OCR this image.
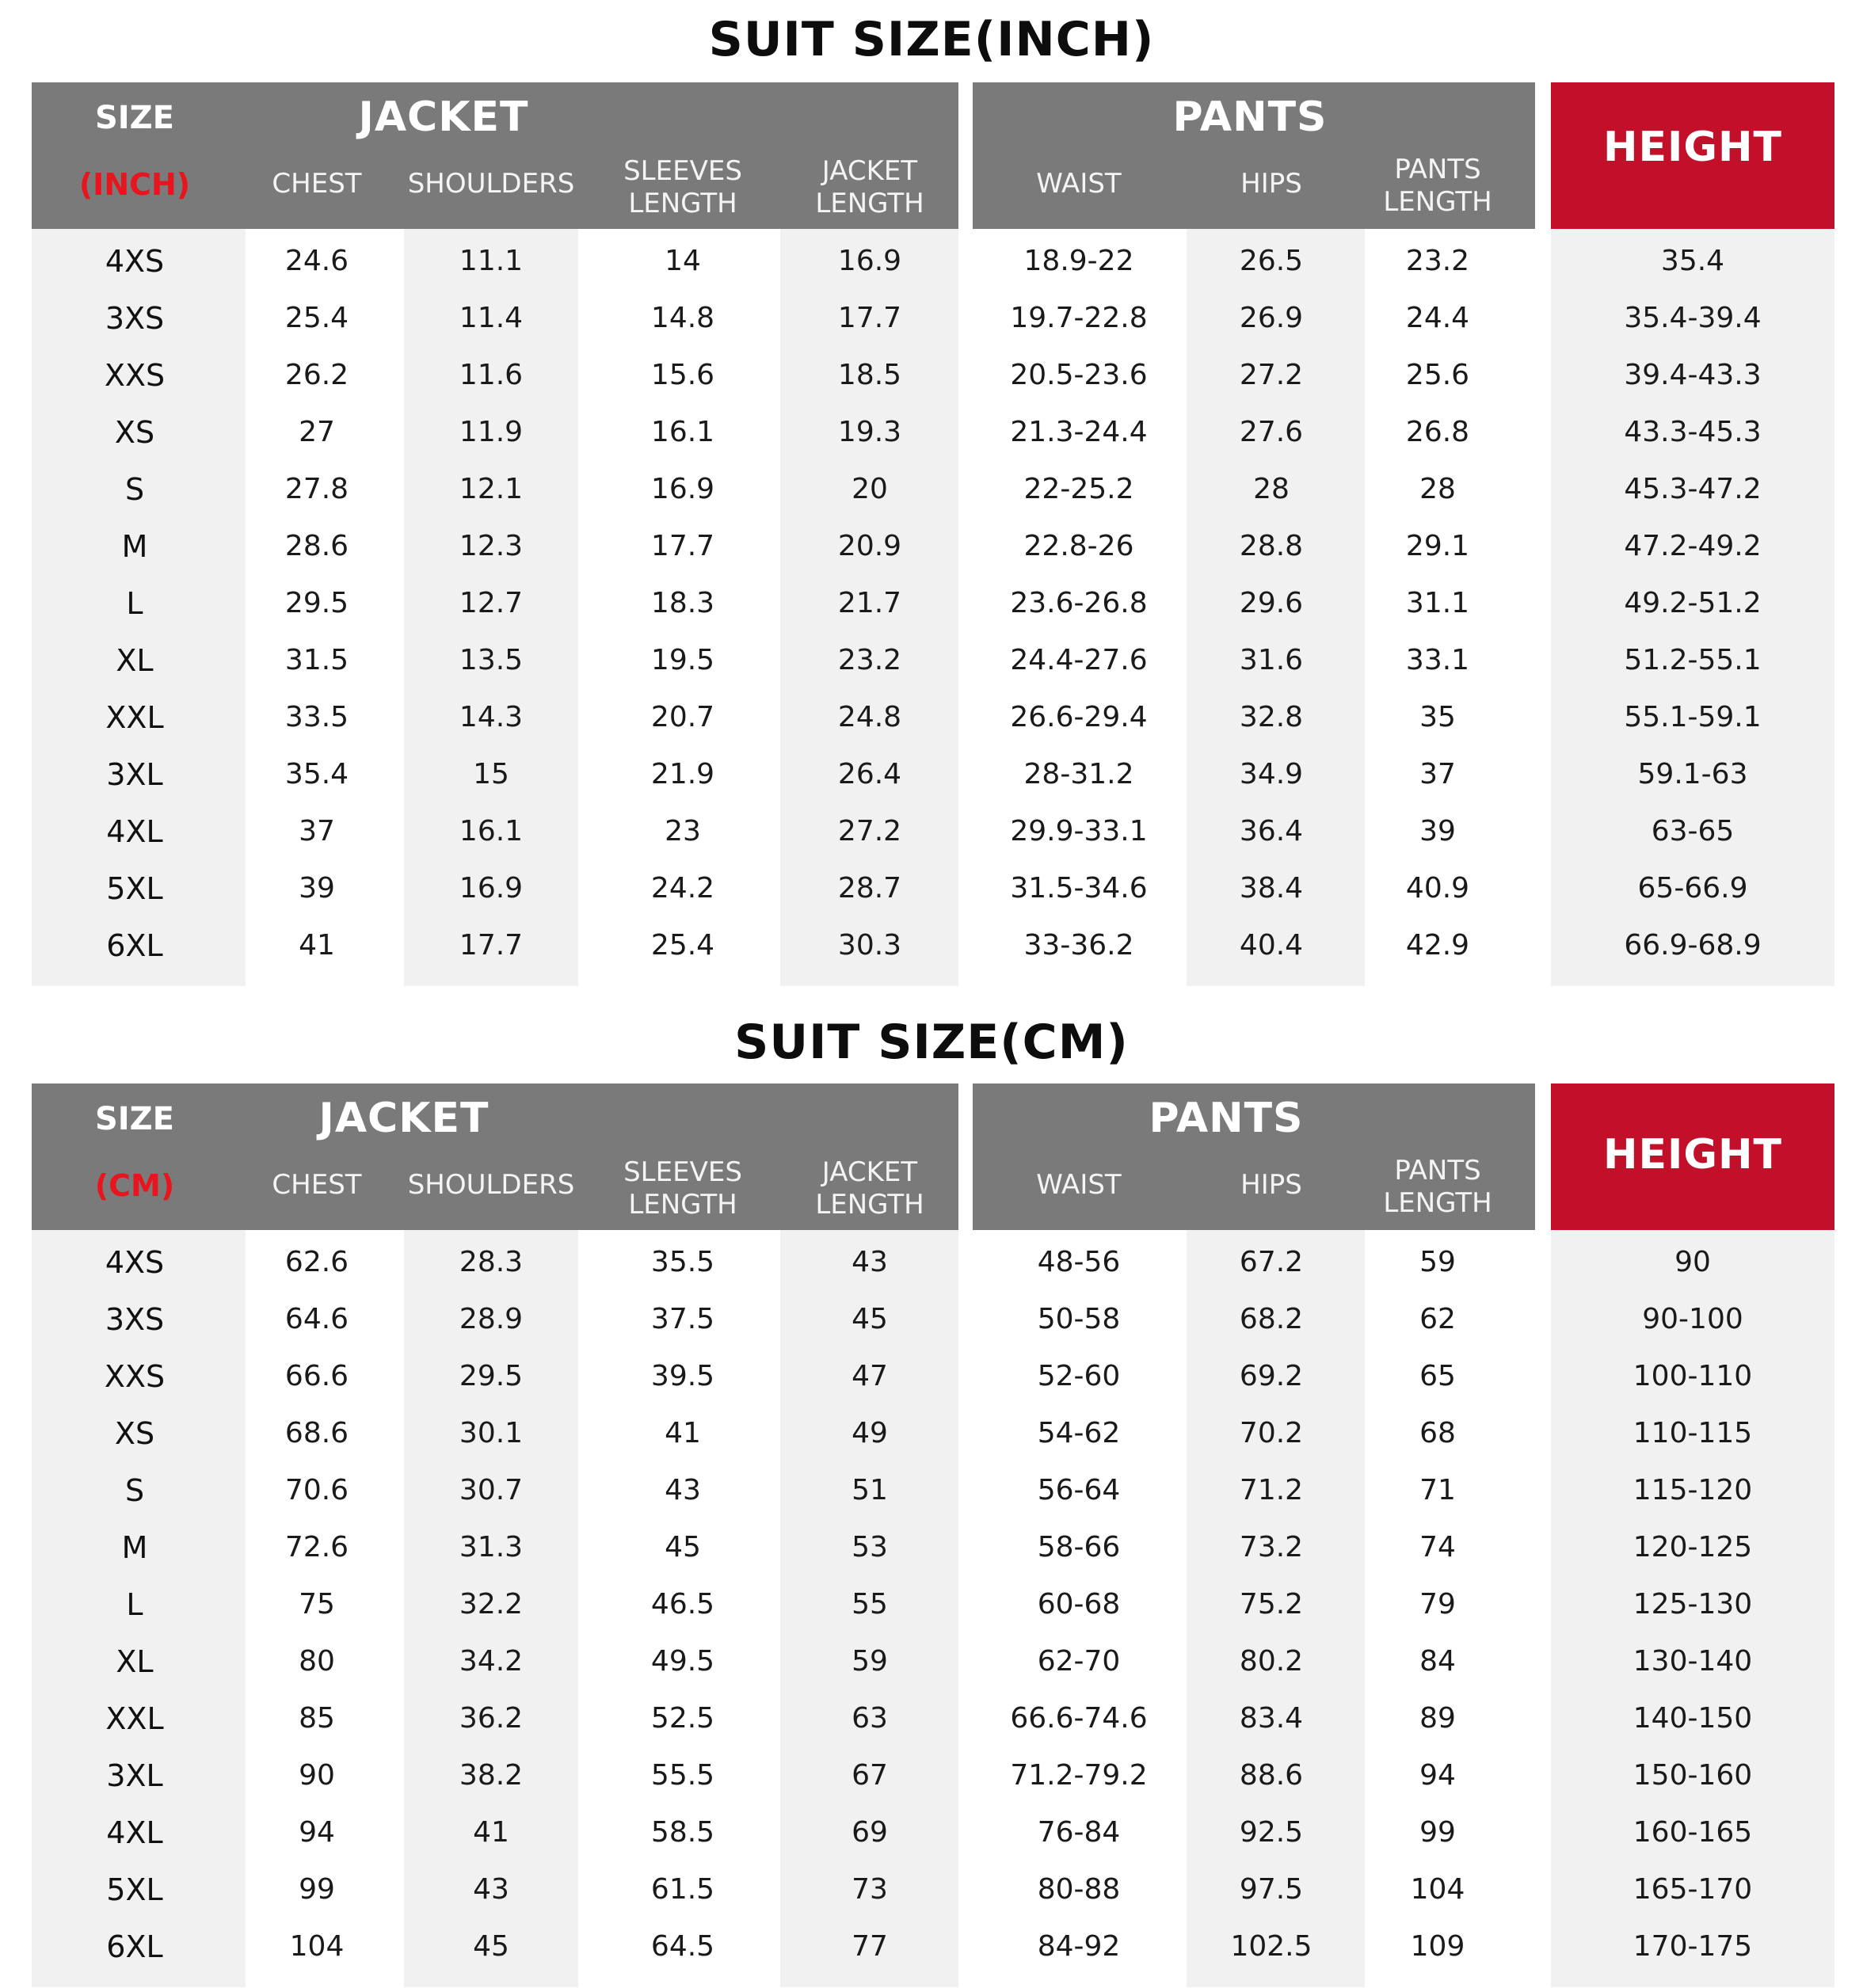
SUIT SIZE(INCH)
SIZE
(INCH)
JACKET
CHEST	SHOULDERS	SLEEVES
LENGTH
JACKET
LENGTH
PANTS
WAIST	HIPS	PANTS
LENGTH
HEIGHT
4XS	24.6	11.1	14	16.9	18.9-22	26.5	23.2	35.4
3XS	25.4	11.4	14.8	17.7	19.7-22.8	26.9	24.4	35.4-39.4
XXS	26.2	11.6	15.6	18.5	20.5-23.6	27.2	25.6	39.4-43.3
XS	27	11.9	16.1	19.3	21.3-24.4	27.6	26.8	43.3-45.3
S	27.8	12.1	16.9	20	22-25.2	28	28	45.3-47.2
M	28.6	12.3	17.7	20.9	22.8-26	28.8	29.1	47.2-49.2
L	29.5	12.7	18.3	21.7	23.6-26.8	29.6	31.1	49.2-51.2
XL	31.5	13.5	19.5	23.2	24.4-27.6	31.6	33.1	51.2-55.1
XXL	33.5	14.3	20.7	24.8	26.6-29.4	32.8	35	55.1-59.1
3XL	35.4	15	21.9	26.4	28-31.2	34.9	37	59.1-63
4XL	37	16.1	23	27.2	29.9-33.1	36.4	39	63-65
5XL	39	16.9	24.2	28.7	31.5-34.6	38.4	40.9	65-66.9
6XL	41	17.7	25.4	30.3	33-36.2	40.4	42.9	66.9-68.9
SUIT SIZE(CM)
SIZE
(CM)
JACKET
CHEST	SHOULDERS	SLEEVES
LENGTH
JACKET
LENGTH
PANTS
WAIST	HIPS	PANTS
LENGTH
HEIGHT
4XS	62.6	28.3	35.5	43	48-56	67.2	59	90
3XS	64.6	28.9	37.5	45	50-58	68.2	62	90-100
XXS	66.6	29.5	39.5	47	52-60	69.2	65	100-110
XS	68.6	30.1	41	49	54-62	70.2	68	110-115
S	70.6	30.7	43	51	56-64	71.2	71	115-120
M	72.6	31.3	45	53	58-66	73.2	74	120-125
L	75	32.2	46.5	55	60-68	75.2	79	125-130
XL	80	34.2	49.5	59	62-70	80.2	84	130-140
XXL	85	36.2	52.5	63	66.6-74.6	83.4	89	140-150
3XL	90	38.2	55.5	67	71.2-79.2	88.6	94	150-160
4XL	94	41	58.5	69	76-84	92.5	99	160-165
5XL	99	43	61.5	73	80-88	97.5	104	165-170
6XL	104	45	64.5	77	84-92	102.5	109	170-175
